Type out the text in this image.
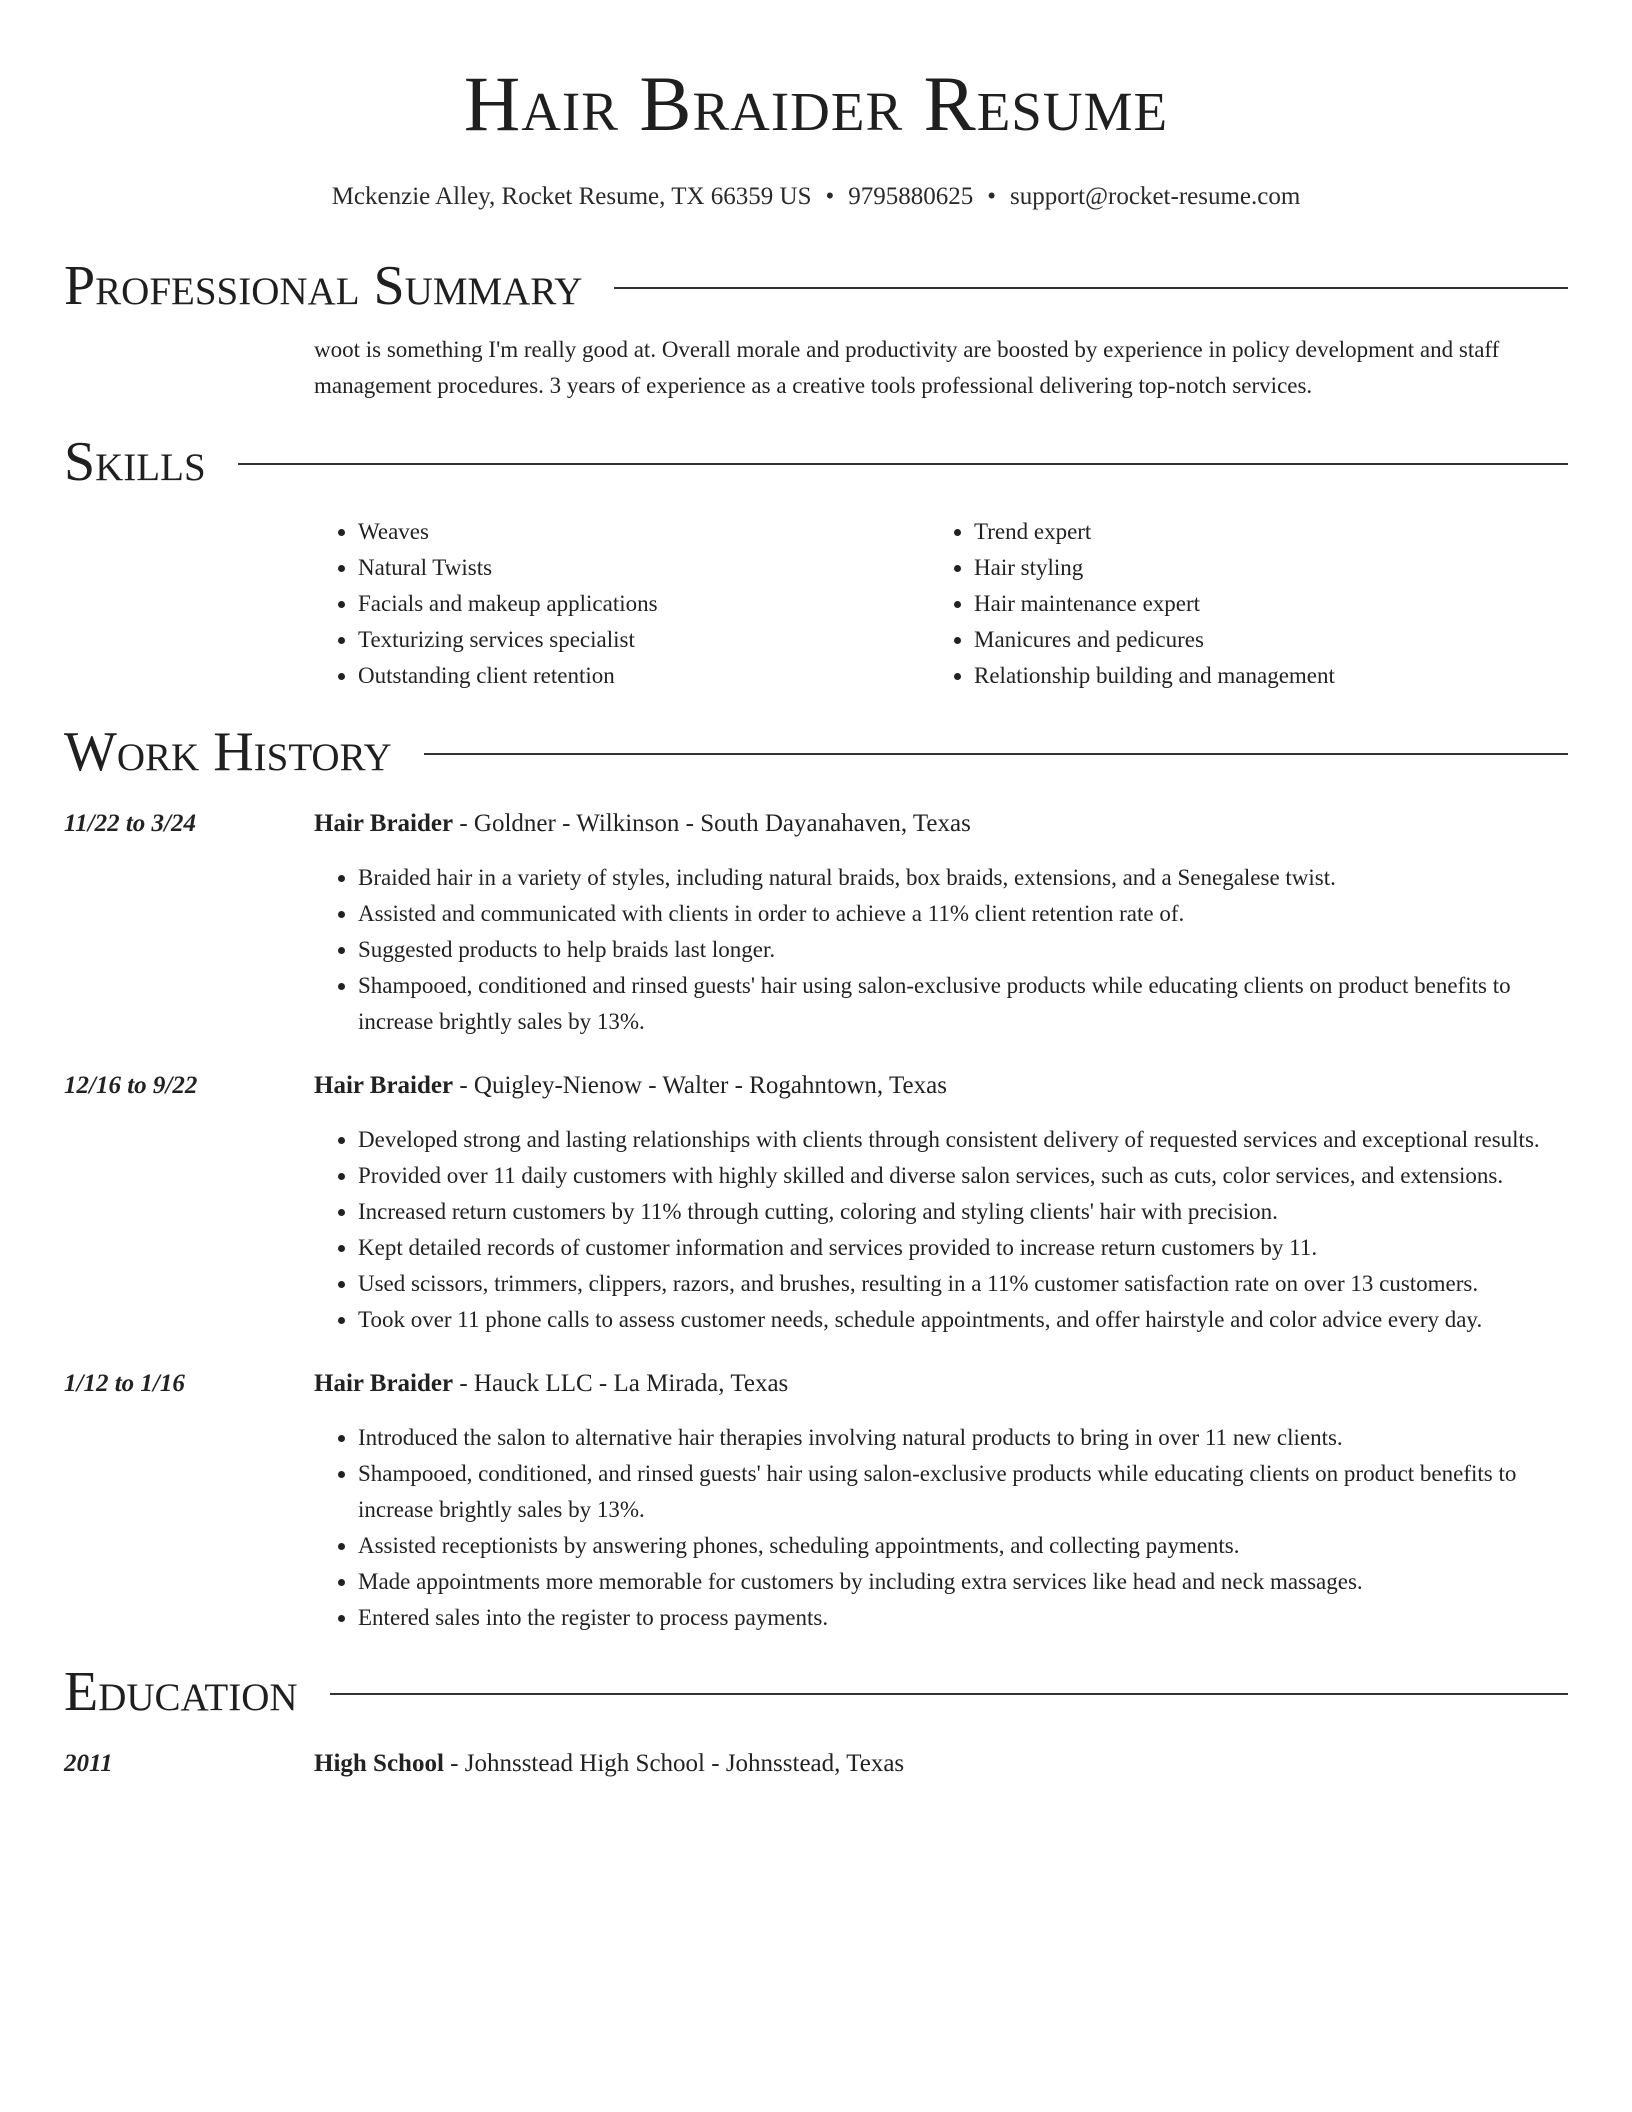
Hair Braider Resume
Mckenzie Alley, Rocket Resume, TX 66359 US • 9795880625 • support@rocket-resume.com
Professional Summary
woot is something I'm really good at. Overall morale and productivity are boosted by experience in policy development and staff management procedures. 3 years of experience as a creative tools professional delivering top-notch services.
Skills
• Weaves
• Natural Twists
• Facials and makeup applications
• Texturizing services specialist
• Outstanding client retention
• Trend expert
• Hair styling
• Hair maintenance expert
• Manicures and pedicures
• Relationship building and management
Work History
11/22 to 3/24	Hair Braider - Goldner - Wilkinson - South Dayanahaven, Texas
• Braided hair in a variety of styles, including natural braids, box braids, extensions, and a Senegalese twist.
• Assisted and communicated with clients in order to achieve a 11% client retention rate of.
• Suggested products to help braids last longer.
• Shampooed, conditioned and rinsed guests' hair using salon-exclusive products while educating clients on product benefits to increase brightly sales by 13%.
12/16 to 9/22	Hair Braider - Quigley-Nienow - Walter - Rogahntown, Texas
• Developed strong and lasting relationships with clients through consistent delivery of requested services and exceptional results.
• Provided over 11 daily customers with highly skilled and diverse salon services, such as cuts, color services, and extensions.
• Increased return customers by 11% through cutting, coloring and styling clients' hair with precision.
• Kept detailed records of customer information and services provided to increase return customers by 11.
• Used scissors, trimmers, clippers, razors, and brushes, resulting in a 11% customer satisfaction rate on over 13 customers.
• Took over 11 phone calls to assess customer needs, schedule appointments, and offer hairstyle and color advice every day.
1/12 to 1/16	Hair Braider - Hauck LLC - La Mirada, Texas
• Introduced the salon to alternative hair therapies involving natural products to bring in over 11 new clients.
• Shampooed, conditioned, and rinsed guests' hair using salon-exclusive products while educating clients on product benefits to increase brightly sales by 13%.
• Assisted receptionists by answering phones, scheduling appointments, and collecting payments.
• Made appointments more memorable for customers by including extra services like head and neck massages.
• Entered sales into the register to process payments.
Education
2011	High School - Johnsstead High School - Johnsstead, Texas
